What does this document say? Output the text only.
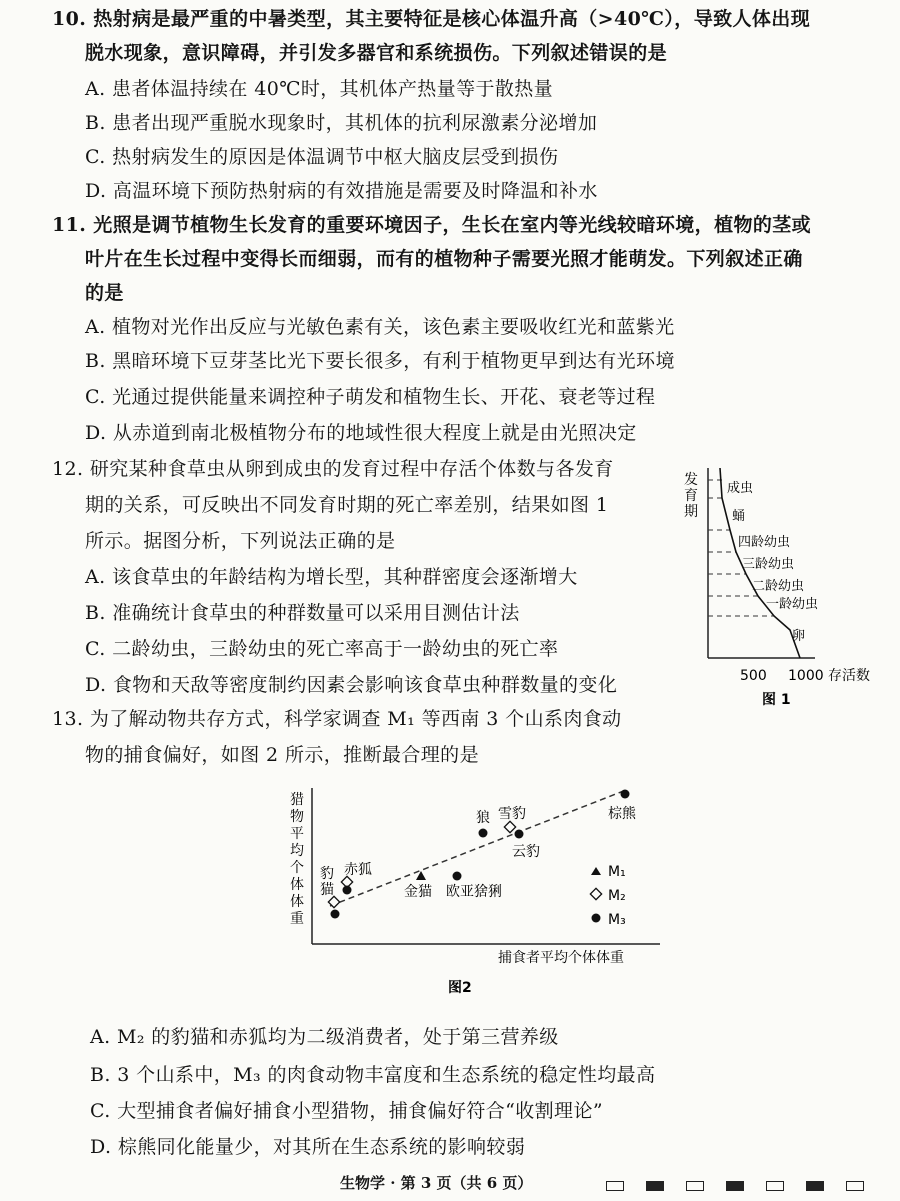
10. 热射病是最严重的中暑类型，其主要特征是核心体温升高（>40℃），导致人体出现
脱水现象，意识障碍，并引发多器官和系统损伤。下列叙述错误的是
A. 患者体温持续在 40℃时，其机体产热量等于散热量
B. 患者出现严重脱水现象时，其机体的抗利尿激素分泌增加
C. 热射病发生的原因是体温调节中枢大脑皮层受到损伤
D. 高温环境下预防热射病的有效措施是需要及时降温和补水
11. 光照是调节植物生长发育的重要环境因子，生长在室内等光线较暗环境，植物的茎或
叶片在生长过程中变得长而细弱，而有的植物种子需要光照才能萌发。下列叙述正确
的是
A. 植物对光作出反应与光敏色素有关，该色素主要吸收红光和蓝紫光
B. 黑暗环境下豆芽茎比光下要长很多，有利于植物更早到达有光环境
C. 光通过提供能量来调控种子萌发和植物生长、开花、衰老等过程
D. 从赤道到南北极植物分布的地域性很大程度上就是由光照决定
12. 研究某种食草虫从卵到成虫的发育过程中存活个体数与各发育
期的关系，可反映出不同发育时期的死亡率差别，结果如图 1
所示。据图分析，下列说法正确的是
A. 该食草虫的年龄结构为增长型，其种群密度会逐渐增大
B. 准确统计食草虫的种群数量可以采用目测估计法
C. 二龄幼虫，三龄幼虫的死亡率高于一龄幼虫的死亡率
D. 食物和天敌等密度制约因素会影响该食草虫种群数量的变化
发
育
期
成虫
蛹
四龄幼虫
三龄幼虫
二龄幼虫
一龄幼虫
卵
500 1000 存活数
图 1
13. 为了解动物共存方式，科学家调查 M₁ 等西南 3 个山系肉食动
物的捕食偏好，如图 2 所示，推断最合理的是
猎
物
平
均
个
体
体
重
捕食者平均个体体重
图2
豹
猫
赤狐
金猫 欧亚猞猁
狼 雪豹
云豹
棕熊
M₁
M₂
M₃
A. M₂ 的豹猫和赤狐均为二级消费者，处于第三营养级
B. 3 个山系中，M₃ 的肉食动物丰富度和生态系统的稳定性均最高
C. 大型捕食者偏好捕食小型猎物，捕食偏好符合“收割理论”
D. 棕熊同化能量少，对其所在生态系统的影响较弱
生物学 · 第 3 页（共 6 页）
